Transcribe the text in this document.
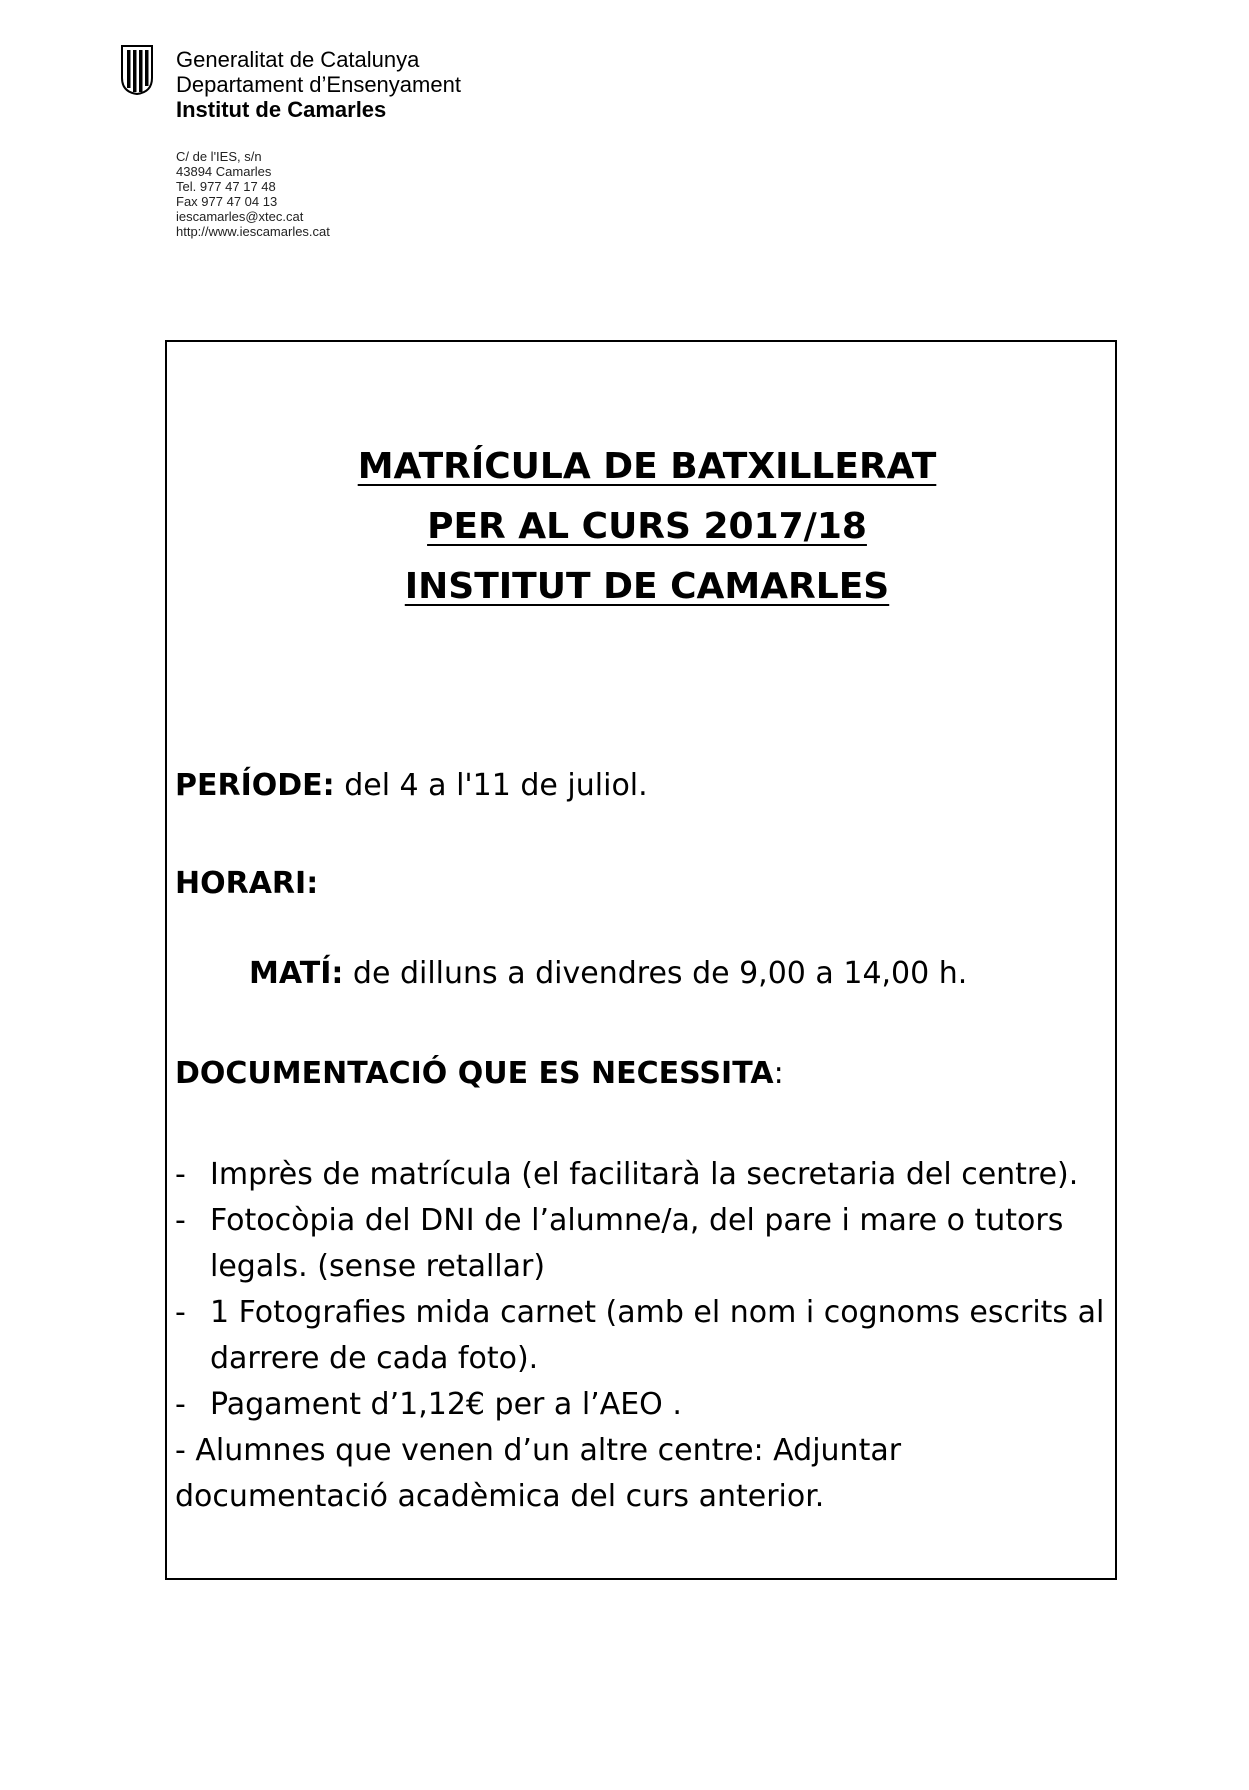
Generalitat de Catalunya
Departament d’Ensenyament
Institut de Camarles
C/ de l'IES, s/n
43894 Camarles
Tel. 977 47 17 48
Fax 977 47 04 13
iescamarles@xtec.cat
http://www.iescamarles.cat
MATRÍCULA DE BATXILLERAT
PER AL CURS 2017/18
INSTITUT DE CAMARLES
PERÍODE: del 4 a l'11 de juliol.
HORARI:
MATÍ: de dilluns a divendres de 9,00 a 14,00 h.
DOCUMENTACIÓ QUE ES NECESSITA:
- Imprès de matrícula (el facilitarà la secretaria del centre).
- Fotocòpia del DNI de l’alumne/a, del pare i mare o tutors legals. (sense retallar)
- 1 Fotografies mida carnet (amb el nom i cognoms escrits al darrere de cada foto).
- Pagament d’1,12€ per a l’AEO .
- Alumnes que venen d’un altre centre: Adjuntar documentació acadèmica del curs anterior.
